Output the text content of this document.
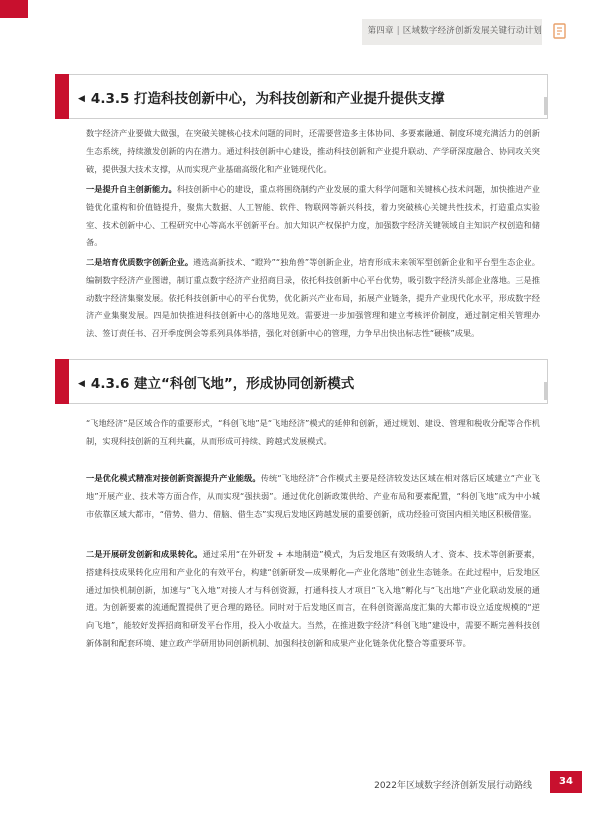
第四章 | 区域数字经济创新发展关键行动计划
◀ 4.3.5 打造科技创新中心，为科技创新和产业提升提供支撑

数字经济产业要做大做强，在突破关键核心技术问题的同时，还需要营造多主体协同、多要素融通、制度环境充满活力的创新生态系统，持续激发创新的内在潜力。通过科技创新中心建设，推动科技创新和产业提升联动、产学研深度融合、协同攻关突破，提供强大技术支撑，从而实现产业基础高级化和产业链现代化。

一是提升自主创新能力。科技创新中心的建设，重点将围绕制约产业发展的重大科学问题和关键核心技术问题，加快推进产业链优化重构和价值链提升，聚焦大数据、人工智能、软件、物联网等新兴科技，着力突破核心关键共性技术，打造重点实验室、技术创新中心、工程研究中心等高水平创新平台。加大知识产权保护力度，加强数字经济关键领域自主知识产权创造和储备。

二是培育优质数字创新企业。遴选高新技术、“瞪羚”“独角兽”等创新企业，培育形成未来领军型创新企业和平台型生态企业。编制数字经济产业图谱，制订重点数字经济产业招商目录，依托科技创新中心平台优势，吸引数字经济头部企业落地。三是推动数字经济集聚发展。依托科技创新中心的平台优势，优化新兴产业布局，拓展产业链条，提升产业现代化水平，形成数字经济产业集聚发展。四是加快推进科技创新中心的落地见效。需要进一步加强管理和建立考核评价制度，通过制定相关管理办法、签订责任书、召开季度例会等系列具体举措，强化对创新中心的管理，力争早出快出标志性“硬核”成果。

◀ 4.3.6 建立“科创飞地”，形成协同创新模式

“飞地经济”是区域合作的重要形式，“科创飞地”是“飞地经济”模式的延伸和创新，通过规划、建设、管理和税收分配等合作机制，实现科技创新的互利共赢，从而形成可持续、跨越式发展模式。

一是优化模式精准对接创新资源提升产业能级。传统“飞地经济”合作模式主要是经济较发达区域在相对落后区域建立“产业飞地”开展产业、技术等方面合作，从而实现“强扶弱”。通过优化创新政策供给、产业布局和要素配置，“科创飞地”成为中小城市依靠区域大都市，“借势、借力、借脑、借生态”实现后发地区跨越发展的重要创新，成功经验可资国内相关地区积极借鉴。

二是开展研发创新和成果转化。通过采用“在外研发 + 本地制造”模式，为后发地区有效吸纳人才、资本、技术等创新要素，搭建科技成果转化应用和产业化的有效平台，构建“创新研发—成果孵化—产业化落地”创业生态链条。在此过程中，后发地区通过加快机制创新，加速与“飞入地”对接人才与科创资源，打通科技人才项目“飞入地”孵化与“飞出地”产业化联动发展的通道。为创新要素的流通配置提供了更合理的路径。同时对于后发地区而言，在科创资源高度汇集的大都市设立适度规模的“逆向飞地”，能较好发挥招商和研发平台作用，投入小收益大。当然，在推进数字经济“科创飞地”建设中，需要不断完善科技创新体制和配套环境、建立政产学研用协同创新机制、加强科技创新和成果产业化链条优化整合等重要环节。

2022年区域数字经济创新发展行动路线	34
